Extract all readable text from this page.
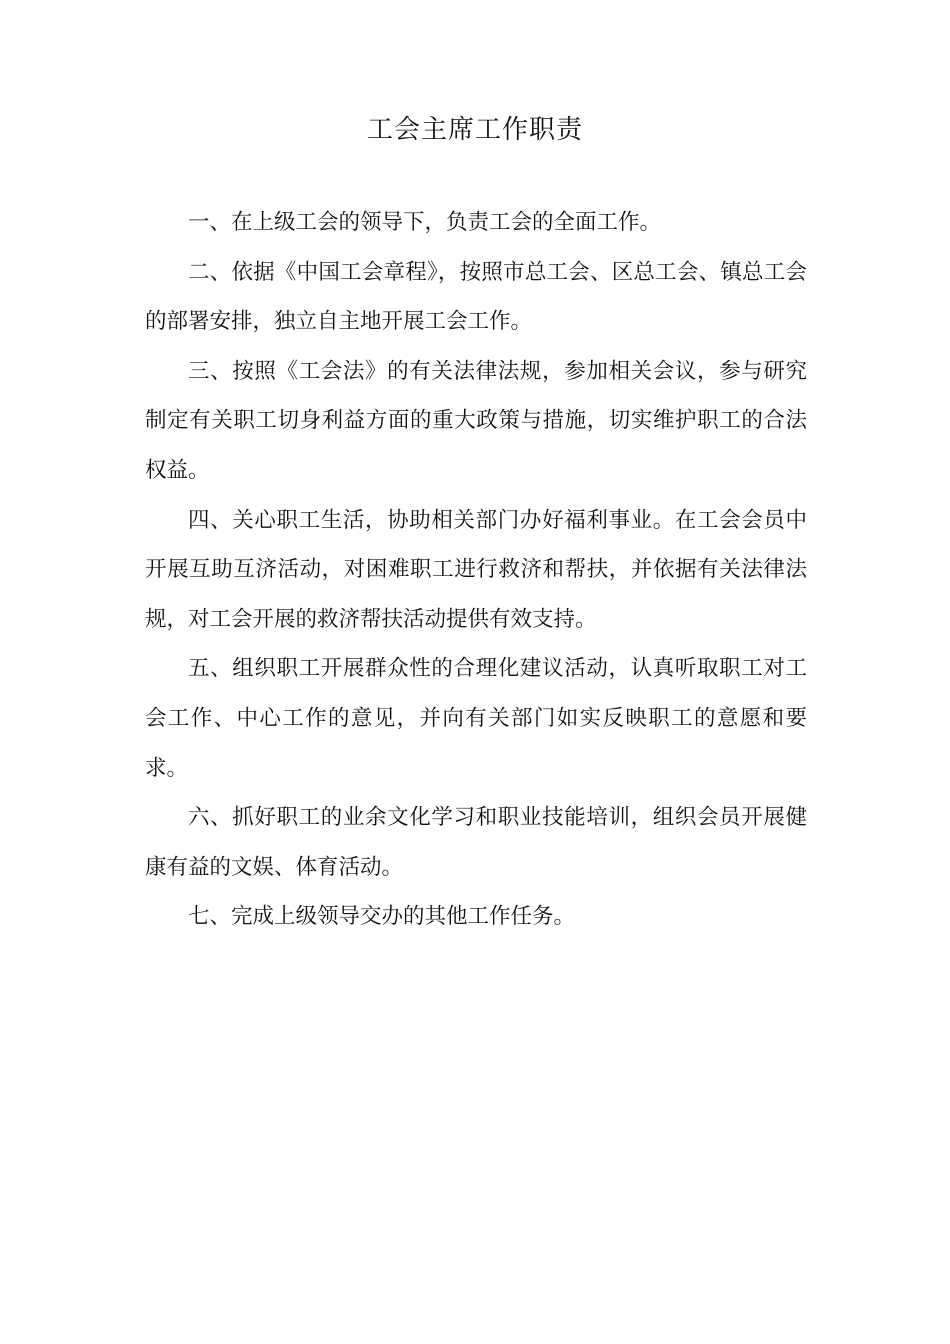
工会主席工作职责

一、在上级工会的领导下，负责工会的全面工作。

二、依据《中国工会章程》，按照市总工会、区总工会、镇总工会的部署安排，独立自主地开展工会工作。

三、按照《工会法》的有关法律法规，参加相关会议，参与研究制定有关职工切身利益方面的重大政策与措施，切实维护职工的合法权益。

四、关心职工生活，协助相关部门办好福利事业。在工会会员中开展互助互济活动，对困难职工进行救济和帮扶，并依据有关法律法规，对工会开展的救济帮扶活动提供有效支持。

五、组织职工开展群众性的合理化建议活动，认真听取职工对工会工作、中心工作的意见，并向有关部门如实反映职工的意愿和要求。

六、抓好职工的业余文化学习和职业技能培训，组织会员开展健康有益的文娱、体育活动。

七、完成上级领导交办的其他工作任务。
